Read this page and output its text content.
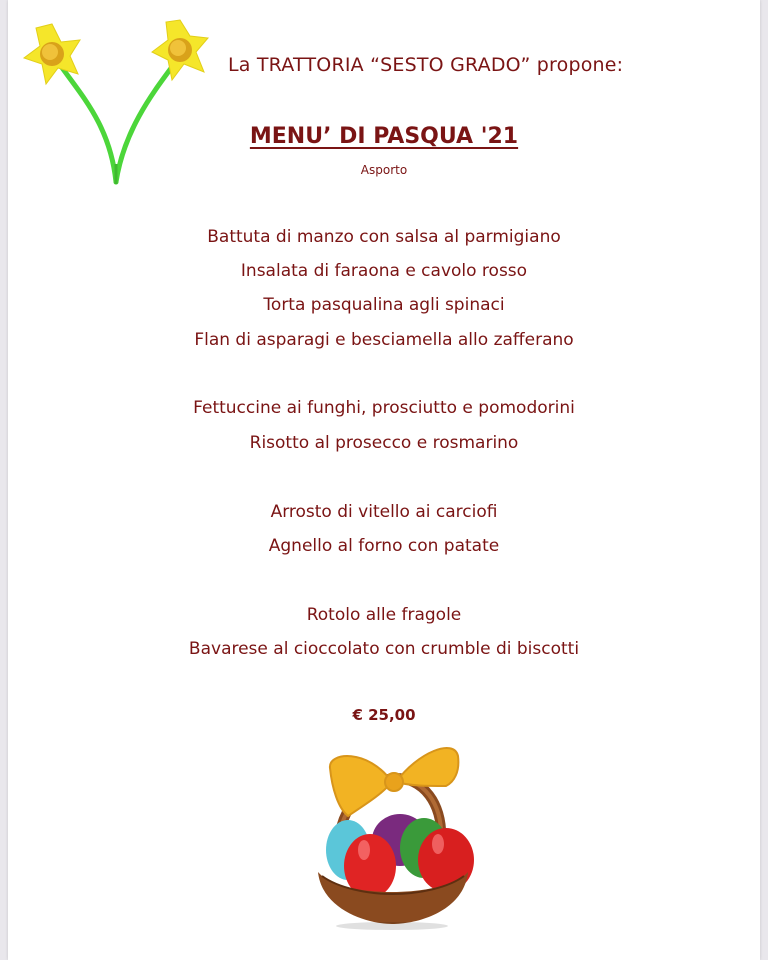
La TRATTORIA “SESTO GRADO” propone:
MENU’ DI PASQUA '21
Asporto
Battuta di manzo con salsa al parmigiano
Insalata di faraona e cavolo rosso
Torta pasqualina agli spinaci
Flan di asparagi e besciamella allo zafferano
Fettuccine ai funghi, prosciutto e pomodorini
Risotto al prosecco e rosmarino
Arrosto di vitello ai carciofi
Agnello al forno con patate
Rotolo alle fragole
Bavarese al cioccolato con crumble di biscotti
€ 25,00
